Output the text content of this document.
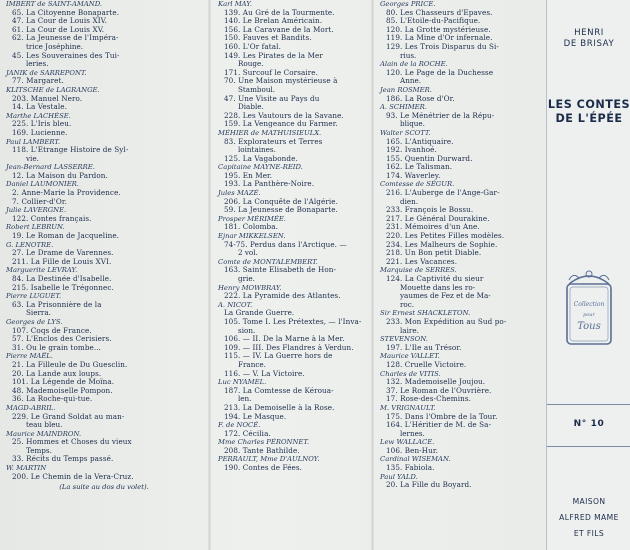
IMBERT de SAINT-AMAND.
65. La Citoyenne Bonaparte.
47. La Cour de Louis XIV.
61. La Cour de Louis XV.
62. La Jeunesse de l'Impéra-
trice Joséphine.
45. Les Souveraines des Tui-
leries.
JANIK de SARREPONT.
77. Margaret.
KLITSCHE de LAGRANGE.
203. Manuel Nero.
14. La Vestale.
Marthe LACHÈSE.
225. L'Iris bleu.
169. Lucienne.
Paul LAMBERT.
118. L'Étrange Histoire de Syl-
vie.
Jean-Bernard LASSERRE.
12. La Maison du Pardon.
Daniel LAUMONIER.
2. Anne-Marie la Providence.
7. Collier-d'Or.
Julie LAVERGNE.
122. Contes français.
Robert LEBRUN.
19. Le Roman de Jacqueline.
G. LENOTRE.
27. Le Drame de Varennes.
211. La Fille de Louis XVI.
Marguerite LEVRAY.
84. La Destinée d'Isabelle.
215. Isabelle le Trégonnec.
Pierre LUGUET.
63. La Prisonnière de la
Sierra.
Georges de LYS.
107. Coqs de France.
57. L'Enclos des Cerisiers.
31. Ou le grain tombe...
Pierre MAËL.
21. La Filleule de Du Guesclin.
20. La Lande aux loups.
101. La Légende de Moïna.
48. Mademoiselle Pompon.
36. La Roche-qui-tue.
MAGD-ABRIL.
229. Le Grand Soldat au man-
teau bleu.
Maurice MAINDRON.
25. Hommes et Choses du vieux
Temps.
33. Récits du Temps passé.
W. MARTIN
200. Le Chemin de la Vera-Cruz.
(La suite au dos du volet).
Karl MAY.
139. Au Gré de la Tourmente.
140. Le Brelan Américain.
156. La Caravane de la Mort.
150. Fauves et Bandits.
160. L'Or fatal.
149. Les Pirates de la Mer
Rouge.
171. Surcouf le Corsaire.
70. Une Maison mystérieuse à
Stamboul.
47. Une Visite au Pays du
Diable.
228. Les Vautours de la Savane.
159. La Vengeance du Farmer.
MÉHIER de MATHUISIEULX.
83. Explorateurs et Terres
lointaines.
125. La Vagabonde.
Capitaine MAYNE-REID.
195. En Mer.
193. La Panthère-Noire.
Jules MAZÉ.
206. La Conquête de l'Algérie.
59. La Jeunesse de Bonaparte.
Prosper MÉRIMÉE.
181. Colomba.
Ejnar MIKKELSEN.
74-75. Perdus dans l'Arctique. —
2 vol.
Comte de MONTALEMBERT.
163. Sainte Élisabeth de Hon-
grie.
Henry MOWBRAY.
222. La Pyramide des Atlantes.
A. NICOT.
La Grande Guerre.
105. Tome I. Les Prétextes, — l'Inva-
sion.
106. — II. De la Marne à la Mer.
109. — III. Des Flandres à Verdun.
115. — IV. La Guerre hors de
France.
116. — V. La Victoire.
Luc NYAMEL.
187. La Comtesse de Kéroua-
len.
213. La Demoiselle à la Rose.
194. Le Masque.
F. de NOCÉ.
172. Cécilia.
Mme Charles PÉRONNET.
208. Tante Bathilde.
PERRAULT, Mme D'AULNOY.
190. Contes de Fées.
Georges PRICE.
80. Les Chasseurs d'Épaves.
85. L'Étoile-du-Pacifique.
120. La Grotte mystérieuse.
119. La Mine d'Or infernale.
129. Les Trois Disparus du Si-
rius.
Alain de la ROCHE.
120. Le Page de la Duchesse
Anne.
Jean ROSMER.
186. La Rose d'Or.
A. SCHIMER.
93. Le Ménétrier de la Répu-
blique.
Walter SCOTT.
165. L'Antiquaire.
192. Ivanhoé.
155. Quentin Durward.
162. Le Talisman.
174. Waverley.
Comtesse de SÉGUR.
216. L'Auberge de l'Ange-Gar-
dien.
233. François le Bossu.
217. Le Général Dourakine.
231. Mémoires d'un Âne.
220. Les Petites Filles modèles.
234. Les Malheurs de Sophie.
218. Un Bon petit Diable.
221. Les Vacances.
Marquise de SERRES.
124. La Captivité du sieur
Mouette dans les ro-
yaumes de Fez et de Ma-
roc.
Sir Ernest SHACKLETON.
233. Mon Expédition au Sud po-
laire.
STEVENSON.
197. L'Île au Trésor.
Maurice VALLET.
128. Cruelle Victoire.
Charles de VITIS.
132. Mademoiselle Joujou.
37. Le Roman de l'Ouvrière.
17. Rose-des-Chemins.
M. VRIGNAULT.
175. Dans l'Ombre de la Tour.
164. L'Héritier de M. de Sa-
lernes.
Lew WALLACE.
106. Ben-Hur.
Cardinal WISEMAN.
135. Fabiola.
Paul YALD.
20. La Fille du Boyard.
HENRI
DE BRISAY
LES CONTES
DE L'ÉPÉE
Collection
pour
Tous
N° 10
MAISON
ALFRED MAME
ET FILS
